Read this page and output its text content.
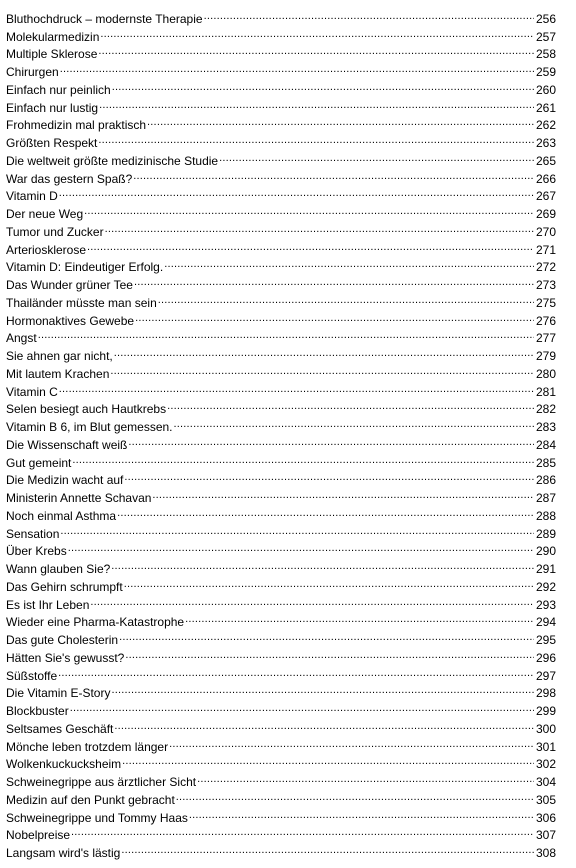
Bluthochdruck – modernste Therapie .....	256
Molekularmedizin .....	257
Multiple Sklerose .....	258
Chirurgen .....	259
Einfach nur peinlich .....	260
Einfach nur lustig .....	261
Frohmedizin mal praktisch .....	262
Größten Respekt .....	263
Die weltweit größte medizinische Studie .....	265
War das gestern Spaß? .....	266
Vitamin D .....	267
Der neue Weg .....	269
Tumor und Zucker .....	270
Arteriosklerose .....	271
Vitamin D: Eindeutiger Erfolg. .....	272
Das Wunder grüner Tee .....	273
Thailänder müsste man sein .....	275
Hormonaktives Gewebe .....	276
Angst .....	277
Sie ahnen gar nicht, .....	279
Mit lautem Krachen .....	280
Vitamin C .....	281
Selen besiegt auch Hautkrebs .....	282
Vitamin B 6, im Blut gemessen. .....	283
Die Wissenschaft weiß .....	284
Gut gemeint .....	285
Die Medizin wacht auf .....	286
Ministerin Annette Schavan .....	287
Noch einmal Asthma .....	288
Sensation .....	289
Über Krebs .....	290
Wann glauben Sie? .....	291
Das Gehirn schrumpft .....	292
Es ist Ihr Leben .....	293
Wieder eine Pharma-Katastrophe .....	294
Das gute Cholesterin .....	295
Hätten Sie's gewusst? .....	296
Süßstoffe .....	297
Die Vitamin E-Story .....	298
Blockbuster .....	299
Seltsames Geschäft .....	300
Mönche leben trotzdem länger .....	301
Wolkenkuckucksheim .....	302
Schweinegrippe aus ärztlicher Sicht .....	304
Medizin auf den Punkt gebracht .....	305
Schweinegrippe und Tommy Haas .....	306
Nobelpreise .....	307
Langsam wird's lästig .....	308
